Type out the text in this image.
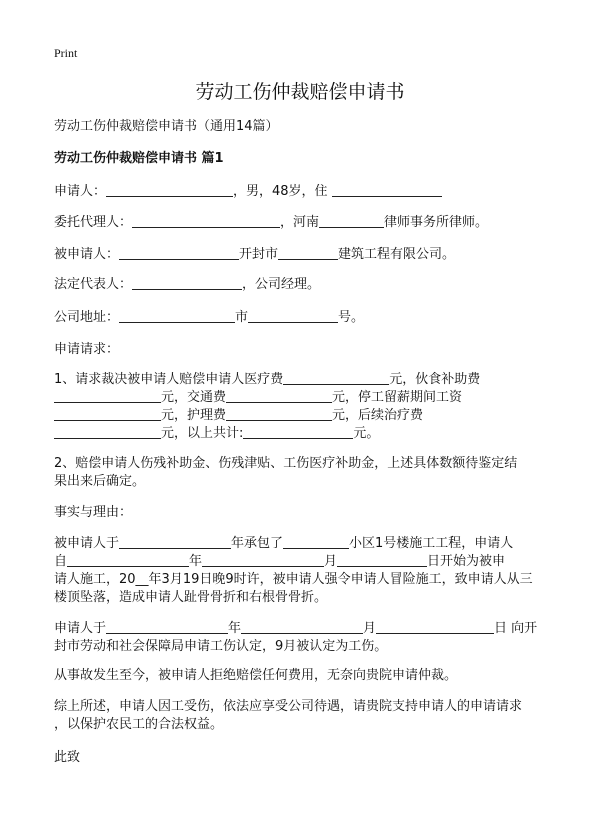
Print
劳动工伤仲裁赔偿申请书
劳动工伤仲裁赔偿申请书（通用14篇）
劳动工伤仲裁赔偿申请书 篇1
申请人：	，男，48岁，住
委托代理人：	，河南	律师事务所律师。
被申请人：	开封市	建筑工程有限公司。
法定代表人：	，公司经理。
公司地址：	市	号。
申请请求：
1、请求裁决被申请人赔偿申请人医疗费	元，伙食补助费
元，交通费	元，停工留薪期间工资
元，护理费	元，后续治疗费
元，以上共计:	元。
2、赔偿申请人伤残补助金、伤残津贴、工伤医疗补助金，上述具体数额待鉴定结
果出来后确定。
事实与理由：
被申请人于	年承包了	小区1号楼施工工程，申请人
自	年	月	日开始为被申
请人施工，20__年3月19日晚9时许，被申请人强令申请人冒险施工，致申请人从三
楼顶坠落，造成申请人趾骨骨折和右根骨骨折。
申请人于	年	月	日 向开
封市劳动和社会保障局申请工伤认定，9月被认定为工伤。
从事故发生至今，被申请人拒绝赔偿任何费用，无奈向贵院申请仲裁。
综上所述，申请人因工受伤，依法应享受公司待遇，请贵院支持申请人的申请请求
，以保护农民工的合法权益。
此致
